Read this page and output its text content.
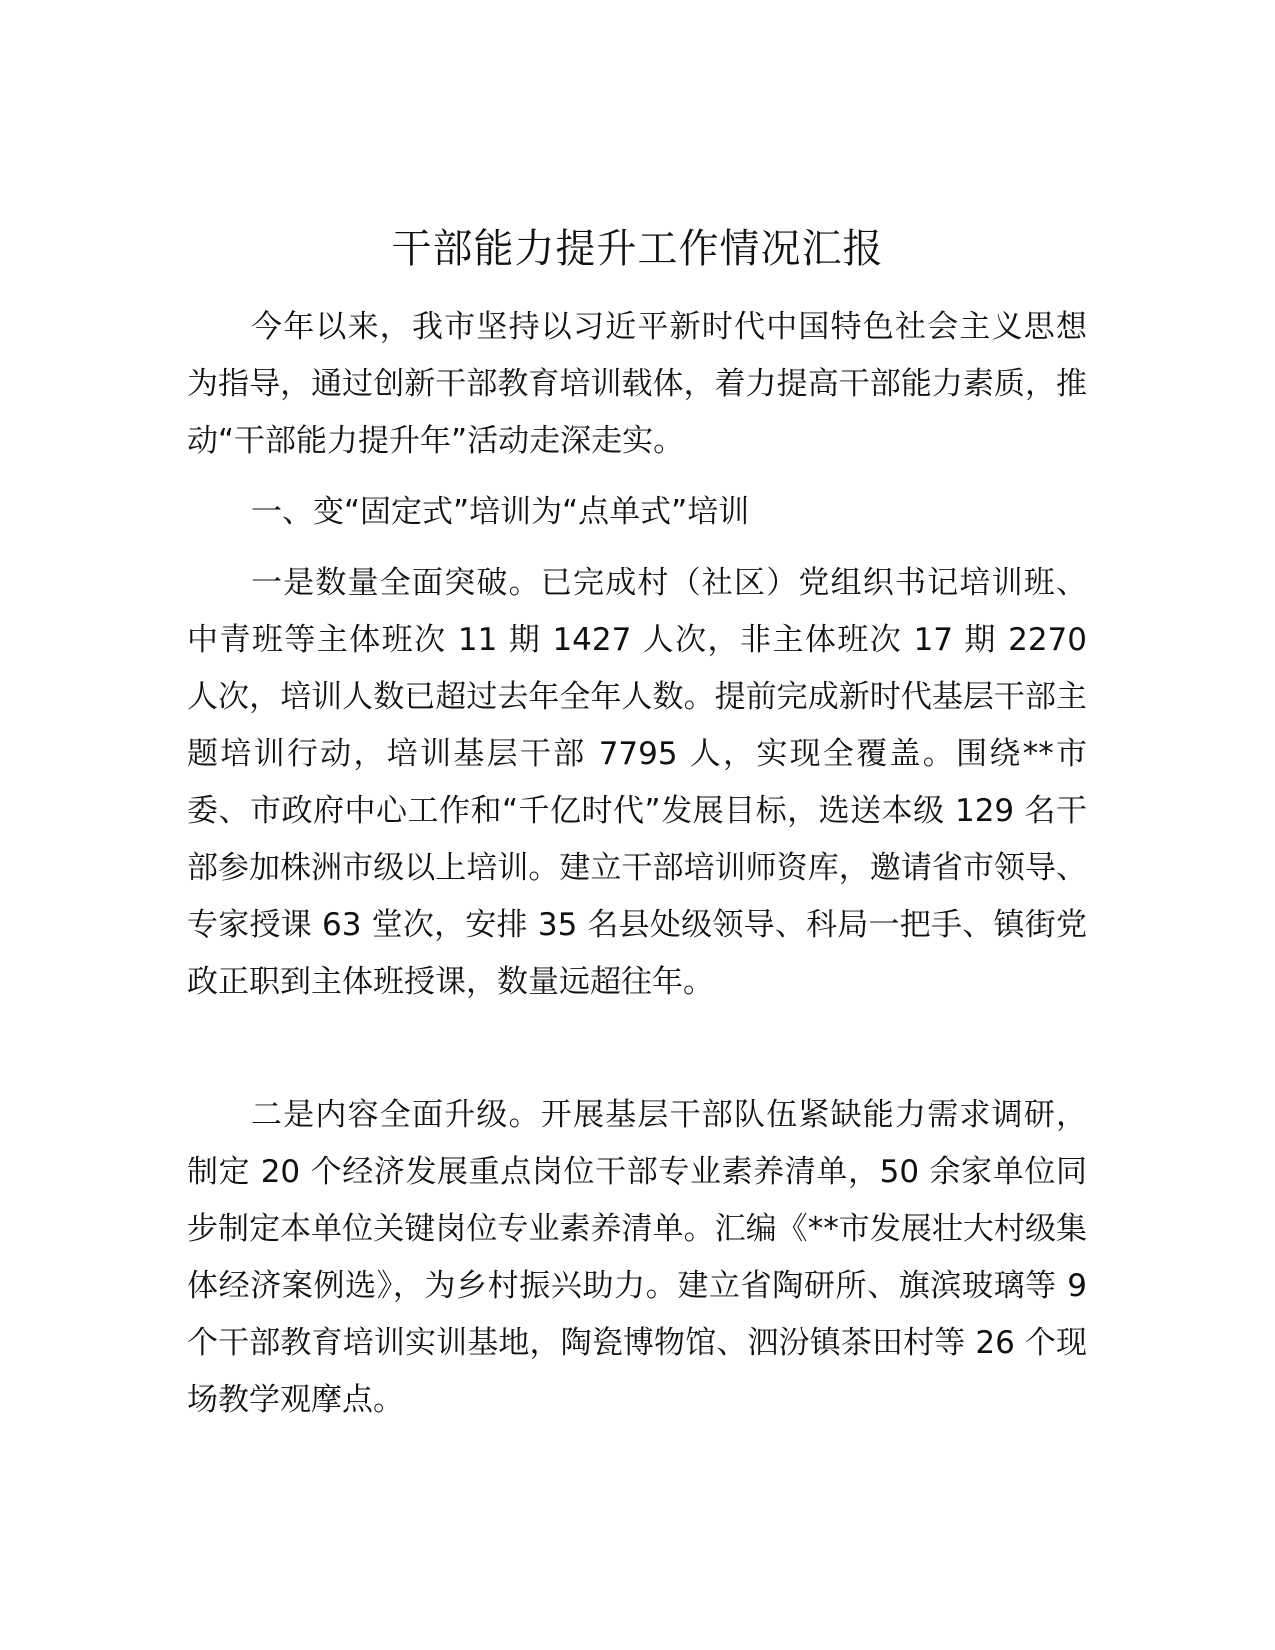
干部能力提升工作情况汇报

今年以来，我市坚持以习近平新时代中国特色社会主义思想为指导，通过创新干部教育培训载体，着力提高干部能力素质，推动“干部能力提升年”活动走深走实。

一、变“固定式”培训为“点单式”培训

一是数量全面突破。已完成村（社区）党组织书记培训班、中青班等主体班次 11 期 1427 人次，非主体班次 17 期 2270 人次，培训人数已超过去年全年人数。提前完成新时代基层干部主题培训行动，培训基层干部 7795 人，实现全覆盖。围绕**市委、市政府中心工作和“千亿时代”发展目标，选送本级 129 名干部参加株洲市级以上培训。建立干部培训师资库，邀请省市领导、专家授课 63 堂次，安排 35 名县处级领导、科局一把手、镇街党政正职到主体班授课，数量远超往年。

二是内容全面升级。开展基层干部队伍紧缺能力需求调研，制定 20 个经济发展重点岗位干部专业素养清单，50 余家单位同步制定本单位关键岗位专业素养清单。汇编《**市发展壮大村级集体经济案例选》，为乡村振兴助力。建立省陶研所、旗滨玻璃等 9 个干部教育培训实训基地，陶瓷博物馆、泗汾镇茶田村等 26 个现场教学观摩点。
